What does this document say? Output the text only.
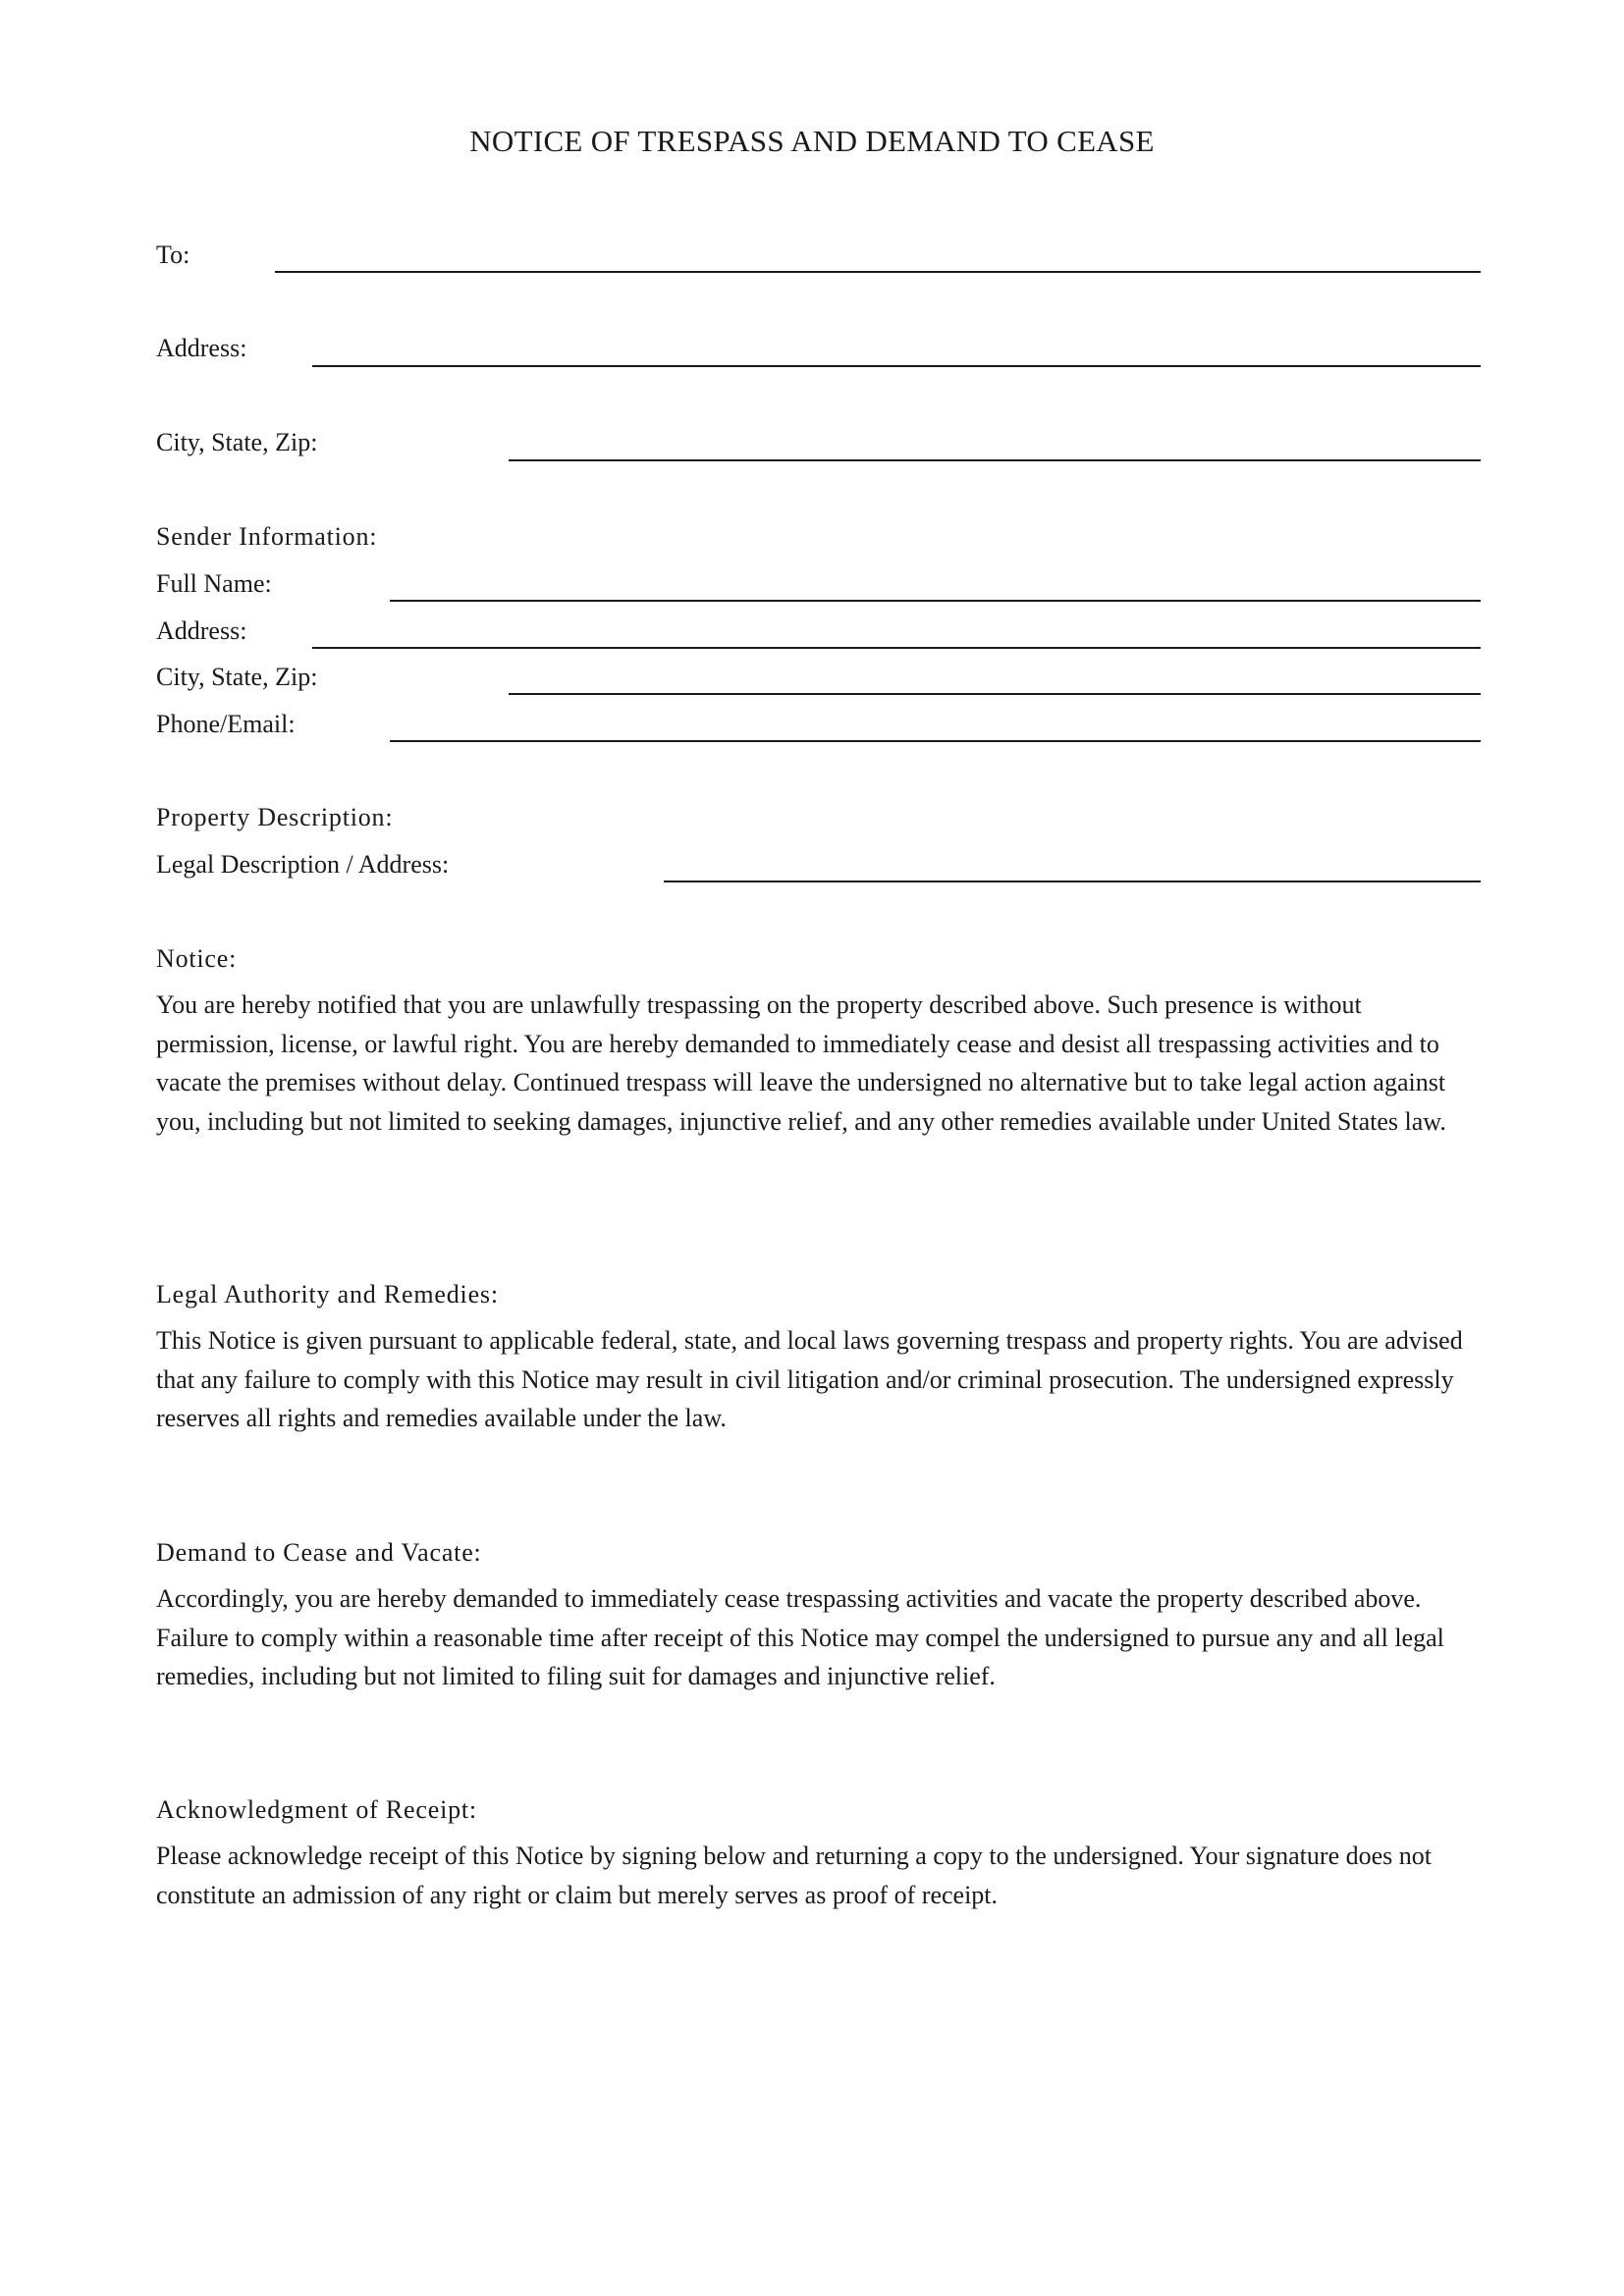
NOTICE OF TRESPASS AND DEMAND TO CEASE
To:
Address:
City, State, Zip:
Sender Information:
Full Name:
Address:
City, State, Zip:
Phone/Email:
Property Description:
Legal Description / Address:
Notice:

You are hereby notified that you are unlawfully trespassing on the property described above. Such presence is without permission, license, or lawful right. You are hereby demanded to immediately cease and desist all trespassing activities and to vacate the premises without delay. Continued trespass will leave the undersigned no alternative but to take legal action against you, including but not limited to seeking damages, injunctive relief, and any other remedies available under United States law.

Legal Authority and Remedies:

This Notice is given pursuant to applicable federal, state, and local laws governing trespass and property rights. You are advised that any failure to comply with this Notice may result in civil litigation and/or criminal prosecution. The undersigned expressly reserves all rights and remedies available under the law.

Demand to Cease and Vacate:

Accordingly, you are hereby demanded to immediately cease trespassing activities and vacate the property described above. Failure to comply within a reasonable time after receipt of this Notice may compel the undersigned to pursue any and all legal remedies, including but not limited to filing suit for damages and injunctive relief.

Acknowledgment of Receipt:

Please acknowledge receipt of this Notice by signing below and returning a copy to the undersigned. Your signature does not constitute an admission of any right or claim but merely serves as proof of receipt.
